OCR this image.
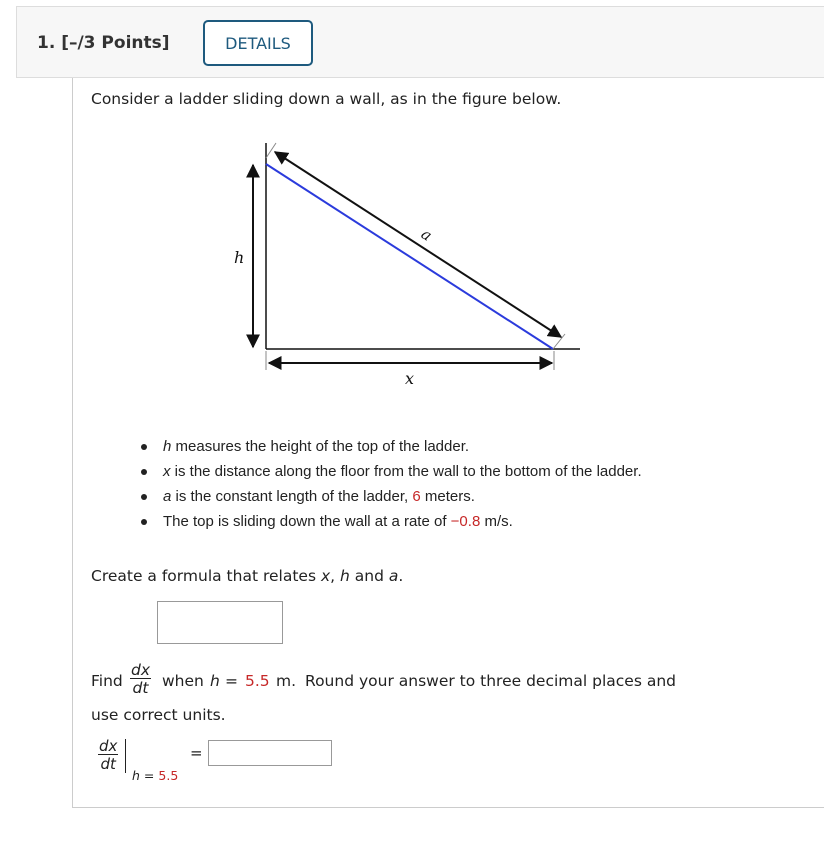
1. [–/3 Points]	DETAILS
Consider a ladder sliding down a wall, as in the figure below.
h
a
x
h measures the height of the top of the ladder.
x is the distance along the floor from the wall to the bottom of the ladder.
a is the constant length of the ladder, 6 meters.
The top is sliding down the wall at a rate of −0.8 m/s.
Create a formula that relates x, h and a.
Find $\frac{dx}{dt}$ when h = 5.5 m. Round your answer to three decimal places and
use correct units.
$\frac{dx}{dt}$
h = 5.5
=
